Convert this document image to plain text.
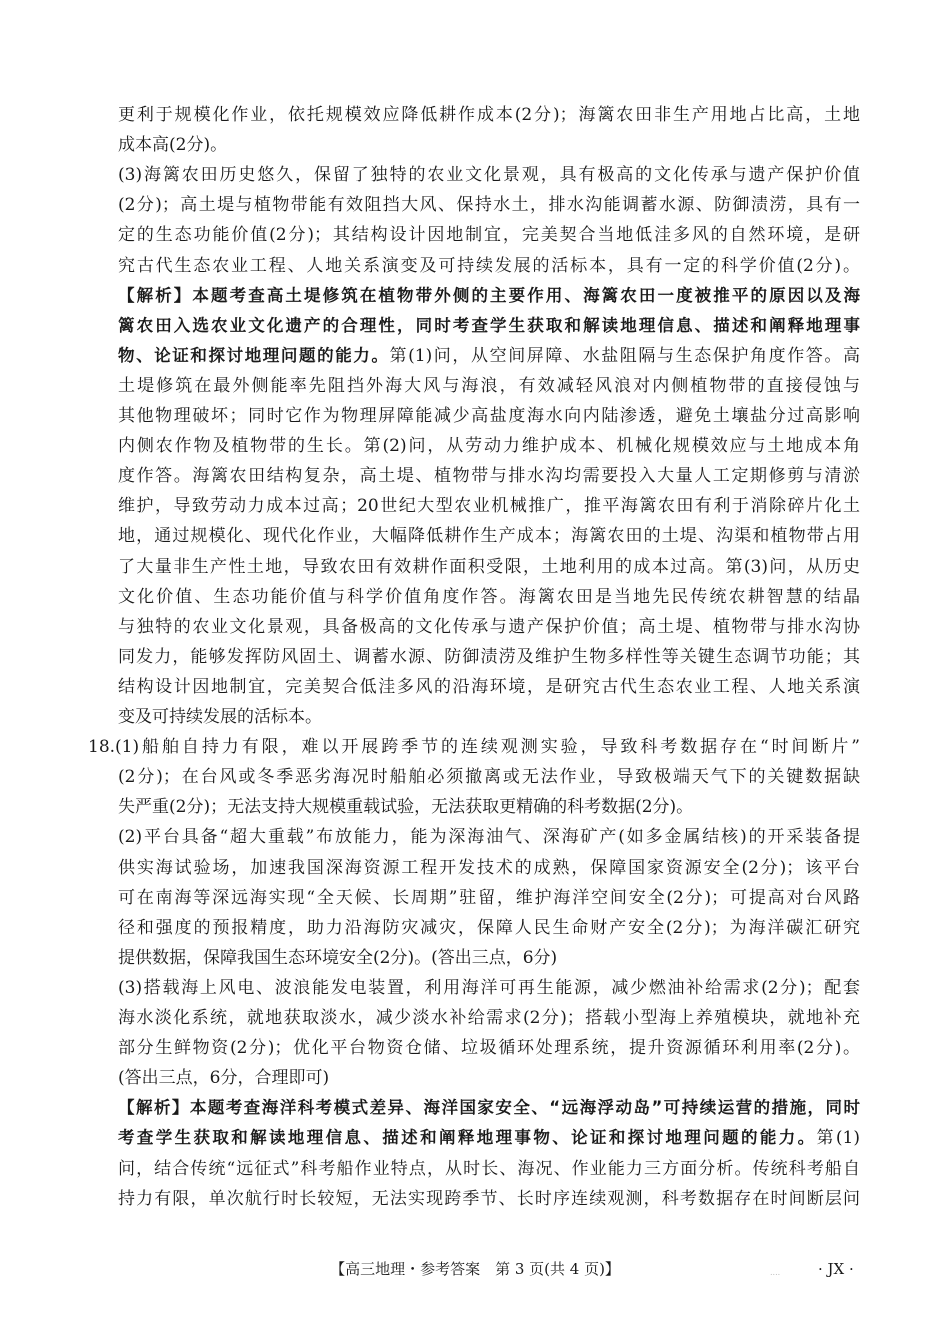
更利于规模化作业，依托规模效应降低耕作成本(2分)；海篱农田非生产用地占比高，土地
成本高(2分)。
(3)海篱农田历史悠久，保留了独特的农业文化景观，具有极高的文化传承与遗产保护价值
(2分)；高土堤与植物带能有效阻挡大风、保持水土，排水沟能调蓄水源、防御渍涝，具有一
定的生态功能价值(2分)；其结构设计因地制宜，完美契合当地低洼多风的自然环境，是研
究古代生态农业工程、人地关系演变及可持续发展的活标本，具有一定的科学价值(2分)。
【解析】本题考查高土堤修筑在植物带外侧的主要作用、海篱农田一度被推平的原因以及海
篱农田入选农业文化遗产的合理性，同时考查学生获取和解读地理信息、描述和阐释地理事
物、论证和探讨地理问题的能力。第(1)问，从空间屏障、水盐阻隔与生态保护角度作答。高
土堤修筑在最外侧能率先阻挡外海大风与海浪，有效减轻风浪对内侧植物带的直接侵蚀与
其他物理破坏；同时它作为物理屏障能减少高盐度海水向内陆渗透，避免土壤盐分过高影响
内侧农作物及植物带的生长。第(2)问，从劳动力维护成本、机械化规模效应与土地成本角
度作答。海篱农田结构复杂，高土堤、植物带与排水沟均需要投入大量人工定期修剪与清淤
维护，导致劳动力成本过高；20世纪大型农业机械推广，推平海篱农田有利于消除碎片化土
地，通过规模化、现代化作业，大幅降低耕作生产成本；海篱农田的土堤、沟渠和植物带占用
了大量非生产性土地，导致农田有效耕作面积受限，土地利用的成本过高。第(3)问，从历史
文化价值、生态功能价值与科学价值角度作答。海篱农田是当地先民传统农耕智慧的结晶
与独特的农业文化景观，具备极高的文化传承与遗产保护价值；高土堤、植物带与排水沟协
同发力，能够发挥防风固土、调蓄水源、防御渍涝及维护生物多样性等关键生态调节功能；其
结构设计因地制宜，完美契合低洼多风的沿海环境，是研究古代生态农业工程、人地关系演
变及可持续发展的活标本。
18.(1)船舶自持力有限，难以开展跨季节的连续观测实验，导致科考数据存在“时间断片”
(2分)；在台风或冬季恶劣海况时船舶必须撤离或无法作业，导致极端天气下的关键数据缺
失严重(2分)；无法支持大规模重载试验，无法获取更精确的科考数据(2分)。
(2)平台具备“超大重载”布放能力，能为深海油气、深海矿产(如多金属结核)的开采装备提
供实海试验场，加速我国深海资源工程开发技术的成熟，保障国家资源安全(2分)；该平台
可在南海等深远海实现“全天候、长周期”驻留，维护海洋空间安全(2分)；可提高对台风路
径和强度的预报精度，助力沿海防灾减灾，保障人民生命财产安全(2分)；为海洋碳汇研究
提供数据，保障我国生态环境安全(2分)。(答出三点，6分)
(3)搭载海上风电、波浪能发电装置，利用海洋可再生能源，减少燃油补给需求(2分)；配套
海水淡化系统，就地获取淡水，减少淡水补给需求(2分)；搭载小型海上养殖模块，就地补充
部分生鲜物资(2分)；优化平台物资仓储、垃圾循环处理系统，提升资源循环利用率(2分)。
(答出三点，6分，合理即可)
【解析】本题考查海洋科考模式差异、海洋国家安全、“远海浮动岛”可持续运营的措施，同时
考查学生获取和解读地理信息、描述和阐释地理事物、论证和探讨地理问题的能力。第(1)
问，结合传统“远征式”科考船作业特点，从时长、海况、作业能力三方面分析。传统科考船自
持力有限，单次航行时长较短，无法实现跨季节、长时序连续观测，科考数据存在时间断层问
【高三地理・参考答案　第 3 页(共 4 页)】	....	· JX ·
